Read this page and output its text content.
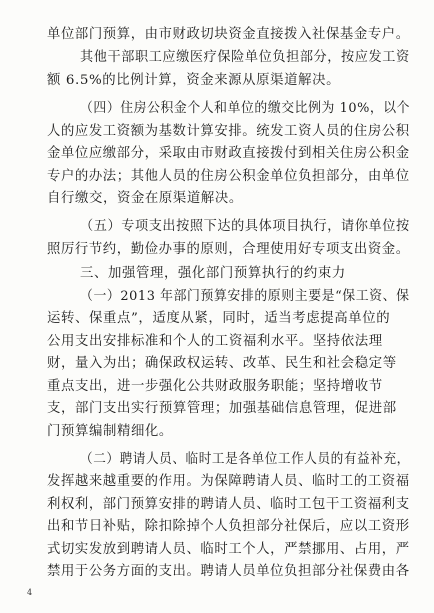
单位部门预算，由市财政切块资金直接拨入社保基金专户。
其他干部职工应缴医疗保险单位负担部分，按应发工资
额 6.5%的比例计算，资金来源从原渠道解决。
（四）住房公积金个人和单位的缴交比例为 10%，以个
人的应发工资额为基数计算安排。统发工资人员的住房公积
金单位应缴部分，采取由市财政直接拨付到相关住房公积金
专户的办法；其他人员的住房公积金单位负担部分，由单位
自行缴交，资金在原渠道解决。
（五）专项支出按照下达的具体项目执行，请你单位按
照厉行节约，勤俭办事的原则，合理使用好专项支出资金。
三、加强管理，强化部门预算执行的约束力
（一）2013 年部门预算安排的原则主要是“保工资、保
运转、保重点”，适度从紧，同时，适当考虑提高单位的
公用支出安排标准和个人的工资福利水平。坚持依法理
财，量入为出；确保政权运转、改革、民生和社会稳定等
重点支出，进一步强化公共财政服务职能；坚持增收节
支，部门支出实行预算管理；加强基础信息管理，促进部
门预算编制精细化。
（二）聘请人员、临时工是各单位工作人员的有益补充，
发挥越来越重要的作用。为保障聘请人员、临时工的工资福
利权利，部门预算安排的聘请人员、临时工包干工资福利支
出和节日补贴，除扣除掉个人负担部分社保后，应以工资形
式切实发放到聘请人员、临时工个人，严禁挪用、占用，严
禁用于公务方面的支出。聘请人员单位负担部分社保费由各
4
